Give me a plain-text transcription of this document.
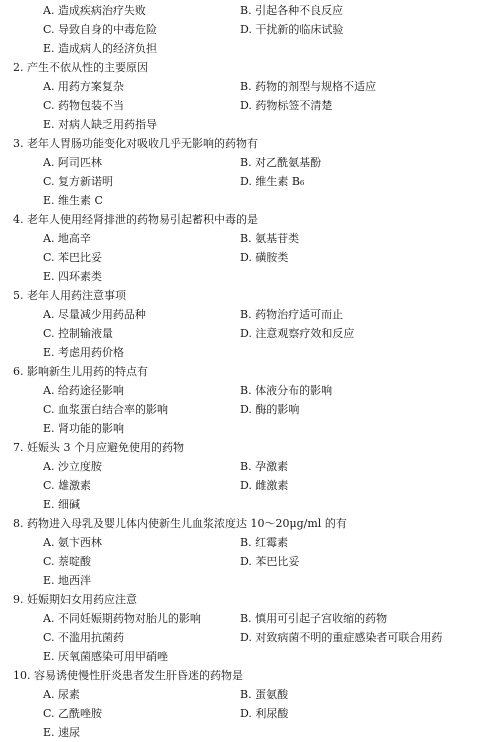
A. 造成疾病治疗失败	B. 引起各种不良反应
C. 导致自身的中毒危险	D. 干扰新的临床试验
E. 造成病人的经济负担
2. 产生不依从性的主要原因
A. 用药方案复杂	B. 药物的剂型与规格不适应
C. 药物包装不当	D. 药物标签不清楚
E. 对病人缺乏用药指导
3. 老年人胃肠功能变化对吸收几乎无影响的药物有
A. 阿司匹林	B. 对乙酰氨基酚
C. 复方新诺明	D. 维生素 B₆
E. 维生素 C
4. 老年人使用经肾排泄的药物易引起蓄积中毒的是
A. 地高辛	B. 氨基苷类
C. 苯巴比妥	D. 磺胺类
E. 四环素类
5. 老年人用药注意事项
A. 尽量减少用药品种	B. 药物治疗适可而止
C. 控制输液量	D. 注意观察疗效和反应
E. 考虑用药价格
6. 影响新生儿用药的特点有
A. 给药途径影响	B. 体液分布的影响
C. 血浆蛋白结合率的影响	D. 酶的影响
E. 肾功能的影响
7. 妊娠头 3 个月应避免使用的药物
A. 沙立度胺	B. 孕激素
C. 雄激素	D. 雌激素
E. 细碱
8. 药物进入母乳及婴儿体内使新生儿血浆浓度达 10～20μg/ml 的有
A. 氨卞西林	B. 红霉素
C. 萘啶酸	D. 苯巴比妥
E. 地西泮
9. 妊娠期妇女用药应注意
A. 不同妊娠期药物对胎儿的影响	B. 慎用可引起子宫收缩的药物
C. 不滥用抗菌药	D. 对致病菌不明的重症感染者可联合用药
E. 厌氧菌感染可用甲硝唑
10. 容易诱使慢性肝炎患者发生肝昏迷的药物是
A. 尿素	B. 蛋氨酸
C. 乙酰唑胺	D. 利尿酸
E. 速尿
